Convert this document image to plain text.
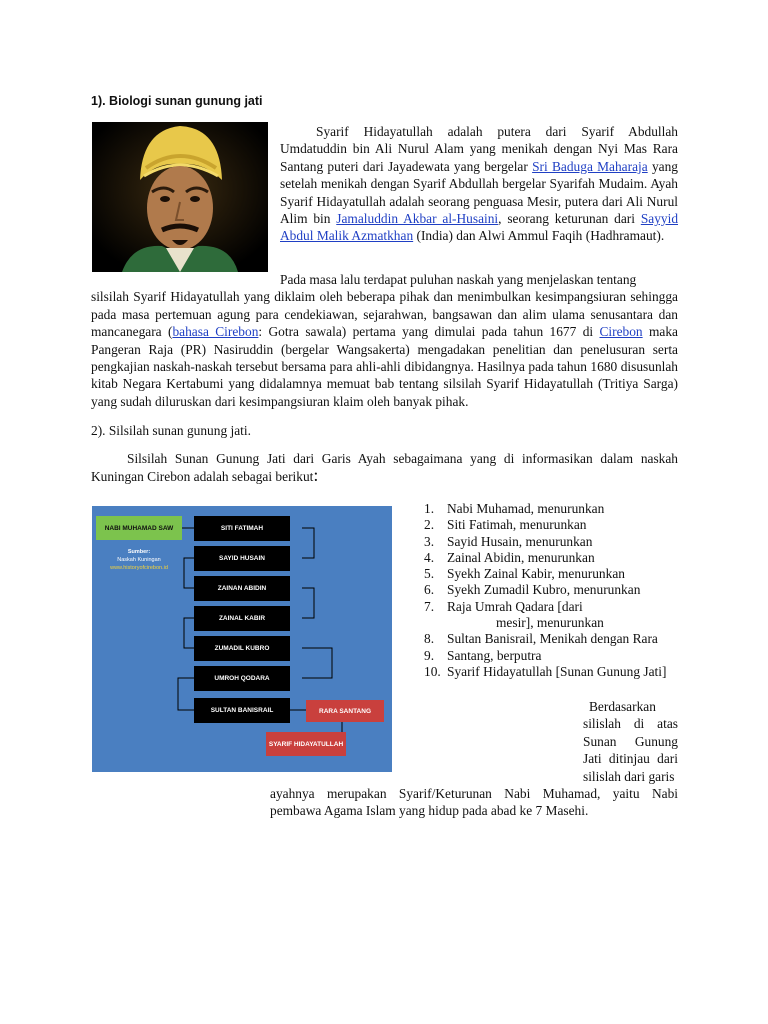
1). Biologi sunan gunung jati
Syarif Hidayatullah adalah putera dari Syarif Abdullah Umdatuddin bin Ali Nurul Alam yang menikah dengan Nyi Mas Rara Santang puteri dari Jayadewata yang bergelar Sri Baduga Maharaja yang setelah menikah dengan Syarif Abdullah bergelar Syarifah Mudaim. Ayah Syarif Hidayatullah adalah seorang penguasa Mesir, putera dari Ali Nurul Alim bin Jamaluddin Akbar al-Husaini, seorang keturunan dari Sayyid Abdul Malik Azmatkhan (India) dan Alwi Ammul Faqih (Hadhramaut).
Pada masa lalu terdapat puluhan naskah yang menjelaskan tentang
silsilah Syarif Hidayatullah yang diklaim oleh beberapa pihak dan menimbulkan kesimpangsiuran sehingga pada masa pertemuan agung para cendekiawan, sejarahwan, bangsawan dan alim ulama senusantara dan mancanegara (bahasa Cirebon: Gotra sawala) pertama yang dimulai pada tahun 1677 di Cirebon maka Pangeran Raja (PR) Nasiruddin (bergelar Wangsakerta) mengadakan penelitian dan penelusuran serta pengkajian naskah-naskah tersebut bersama para ahli-ahli dibidangnya. Hasilnya pada tahun 1680 disusunlah kitab Negara Kertabumi yang didalamnya memuat bab tentang silsilah Syarif Hidayatullah (Tritiya Sarga) yang sudah diluruskan dari kesimpangsiuran klaim oleh banyak pihak.
2). Silsilah sunan gunung jati.
Silsilah Sunan Gunung Jati dari Garis Ayah sebagaimana yang di informasikan dalam naskah Kuningan Cirebon adalah sebagai berikut:
NABI MUHAMAD SAW
Sumber:
Naskah Kuningan
www.historyofcirebon.id
SITI FATIMAH
SAYID HUSAIN
ZAINAN ABIDIN
ZAINAL KABIR
ZUMADIL KUBRO
UMROH QODARA
SULTAN BANISRAIL	RARA SANTANG
SYARIF HIDAYATULLAH
1. Nabi Muhamad, menurunkan
2. Siti Fatimah, menurunkan
3. Sayid Husain, menurunkan
4. Zainal Abidin, menurunkan
5. Syekh Zainal Kabir, menurunkan
6. Syekh Zumadil Kubro, menurunkan
7. Raja Umrah Qadara [dari
mesir], menurunkan
8. Sultan Banisrail, Menikah dengan Rara
9. Santang, berputra
10. Syarif Hidayatullah [Sunan Gunung Jati]
Berdasarkan
silislah di atas Sunan Gunung Jati ditinjau dari silislah dari garis
ayahnya merupakan Syarif/Keturunan Nabi Muhamad, yaitu Nabi pembawa Agama Islam yang hidup pada abad ke 7 Masehi.
